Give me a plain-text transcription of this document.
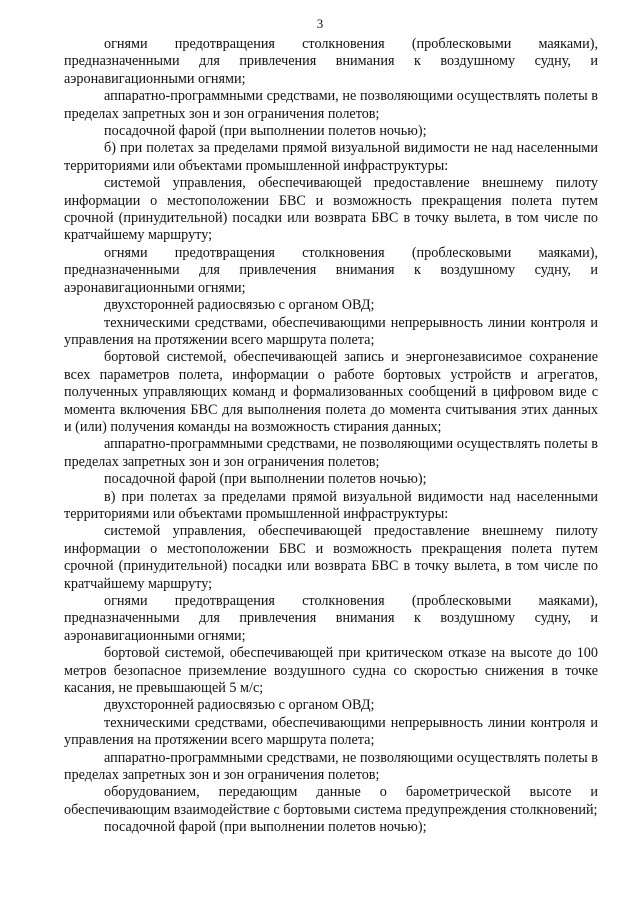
3

огнями предотвращения столкновения (проблесковыми маяками), предназначенными для привлечения внимания к воздушному судну, и аэронавигационными огнями;

аппаратно-программными средствами, не позволяющими осуществлять полеты в пределах запретных зон и зон ограничения полетов;

посадочной фарой (при выполнении полетов ночью);

б) при полетах за пределами прямой визуальной видимости не над населенными территориями или объектами промышленной инфраструктуры:

системой управления, обеспечивающей предоставление внешнему пилоту информации о местоположении БВС и возможность прекращения полета путем срочной (принудительной) посадки или возврата БВС в точку вылета, в том числе по кратчайшему маршруту;

огнями предотвращения столкновения (проблесковыми маяками), предназначенными для привлечения внимания к воздушному судну, и аэронавигационными огнями;

двухсторонней радиосвязью с органом ОВД;

техническими средствами, обеспечивающими непрерывность линии контроля и управления на протяжении всего маршрута полета;

бортовой системой, обеспечивающей запись и энергонезависимое сохранение всех параметров полета, информации о работе бортовых устройств и агрегатов, полученных управляющих команд и формализованных сообщений в цифровом виде с момента включения БВС для выполнения полета до момента считывания этих данных и (или) получения команды на возможность стирания данных;

аппаратно-программными средствами, не позволяющими осуществлять полеты в пределах запретных зон и зон ограничения полетов;

посадочной фарой (при выполнении полетов ночью);

в) при полетах за пределами прямой визуальной видимости над населенными территориями или объектами промышленной инфраструктуры:

системой управления, обеспечивающей предоставление внешнему пилоту информации о местоположении БВС и возможность прекращения полета путем срочной (принудительной) посадки или возврата БВС в точку вылета, в том числе по кратчайшему маршруту;

огнями предотвращения столкновения (проблесковыми маяками), предназначенными для привлечения внимания к воздушному судну, и аэронавигационными огнями;

бортовой системой, обеспечивающей при критическом отказе на высоте до 100 метров безопасное приземление воздушного судна со скоростью снижения в точке касания, не превышающей 5 м/с;

двухсторонней радиосвязью с органом ОВД;

техническими средствами, обеспечивающими непрерывность линии контроля и управления на протяжении всего маршрута полета;

аппаратно-программными средствами, не позволяющими осуществлять полеты в пределах запретных зон и зон ограничения полетов;

оборудованием, передающим данные о барометрической высоте и обеспечивающим взаимодействие с бортовыми система предупреждения столкновений;

посадочной фарой (при выполнении полетов ночью);
